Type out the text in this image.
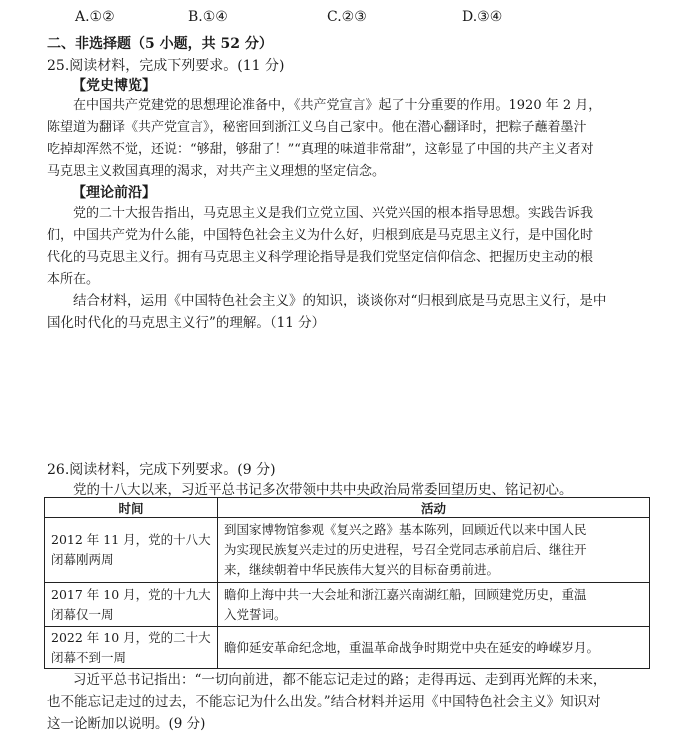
A.①②	B.①④	C.②③	D.③④
二、非选择题（5 小题，共 52 分）
25.阅读材料，完成下列要求。(11 分)
【党史博览】
在中国共产党建党的思想理论准备中，《共产党宣言》起了十分重要的作用。1920 年 2 月，
陈望道为翻译《共产党宣言》，秘密回到浙江义乌自己家中。他在潜心翻译时，把粽子蘸着墨汁
吃掉却浑然不觉，还说：“够甜，够甜了！”“真理的味道非常甜”，这彰显了中国的共产主义者对
马克思主义救国真理的渴求，对共产主义理想的坚定信念。
【理论前沿】
党的二十大报告指出，马克思主义是我们立党立国、兴党兴国的根本指导思想。实践告诉我
们，中国共产党为什么能，中国特色社会主义为什么好，归根到底是马克思主义行，是中国化时
代化的马克思主义行。拥有马克思主义科学理论指导是我们党坚定信仰信念、把握历史主动的根
本所在。
结合材料，运用《中国特色社会主义》的知识，谈谈你对“归根到底是马克思主义行，是中
国化时代化的马克思主义行”的理解。（11 分）
26.阅读材料，完成下列要求。(9 分)
党的十八大以来，习近平总书记多次带领中共中央政治局常委回望历史、铭记初心。
时间	活动

2012 年 11 月，党的十八大
闭幕刚两周	到国家博物馆参观《复兴之路》基本陈列，回顾近代以来中国人民
为实现民族复兴走过的历史进程，号召全党同志承前启后、继往开
来，继续朝着中华民族伟大复兴的目标奋勇前进。

2017 年 10 月，党的十九大
闭幕仅一周	瞻仰上海中共一大会址和浙江嘉兴南湖红船，回顾建党历史，重温
入党誓词。

2022 年 10 月，党的二十大
闭幕不到一周	瞻仰延安革命纪念地，重温革命战争时期党中央在延安的峥嵘岁月。
习近平总书记指出：“一切向前进，都不能忘记走过的路；走得再远、走到再光辉的未来，
也不能忘记走过的过去，不能忘记为什么出发。”结合材料并运用《中国特色社会主义》知识对
这一论断加以说明。(9 分)
